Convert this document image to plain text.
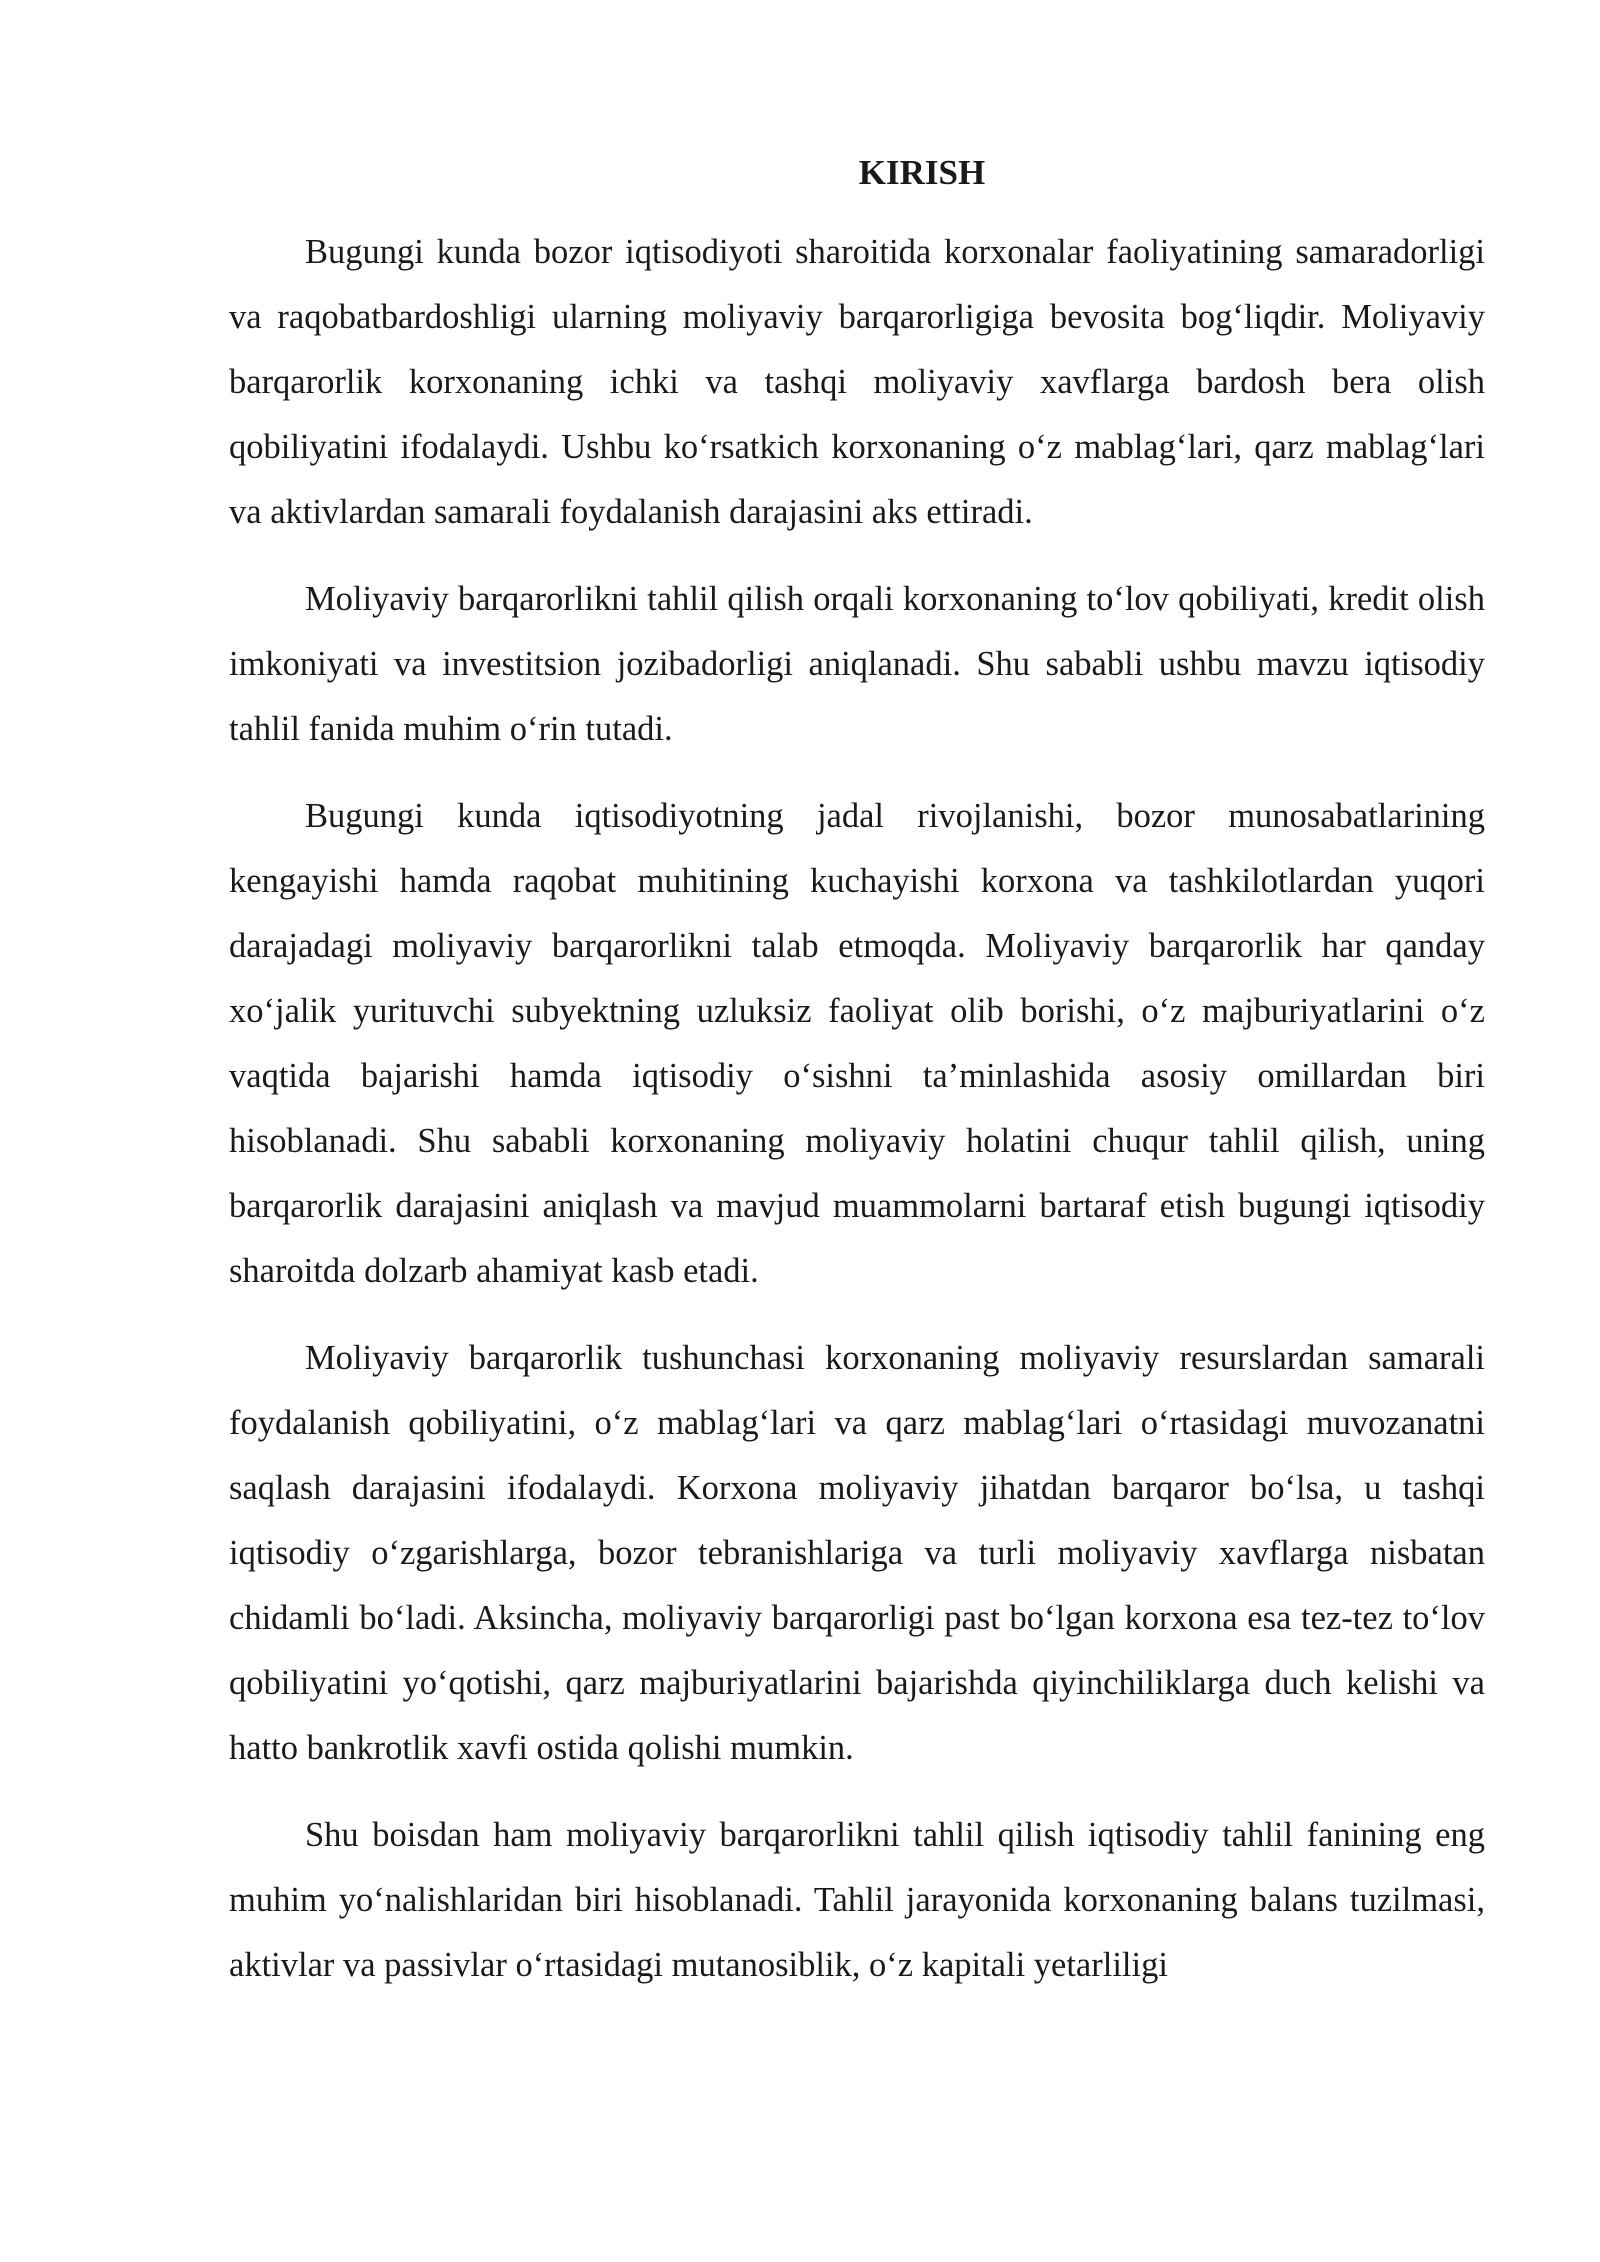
KIRISH

Bugungi kunda bozor iqtisodiyoti sharoitida korxonalar faoliyatining samaradorligi va raqobatbardoshligi ularning moliyaviy barqarorligiga bevosita bogʻliqdir. Moliyaviy barqarorlik korxonaning ichki va tashqi moliyaviy xavflarga bardosh bera olish qobiliyatini ifodalaydi. Ushbu koʻrsatkich korxonaning oʻz mablagʻlari, qarz mablagʻlari va aktivlardan samarali foydalanish darajasini aks ettiradi.

Moliyaviy barqarorlikni tahlil qilish orqali korxonaning toʻlov qobiliyati, kredit olish imkoniyati va investitsion jozibadorligi aniqlanadi. Shu sababli ushbu mavzu iqtisodiy tahlil fanida muhim oʻrin tutadi.

Bugungi kunda iqtisodiyotning jadal rivojlanishi, bozor munosabatlarining kengayishi hamda raqobat muhitining kuchayishi korxona va tashkilotlardan yuqori darajadagi moliyaviy barqarorlikni talab etmoqda. Moliyaviy barqarorlik har qanday xoʻjalik yurituvchi subyektning uzluksiz faoliyat olib borishi, oʻz majburiyatlarini oʻz vaqtida bajarishi hamda iqtisodiy oʻsishni ta’minlashida asosiy omillardan biri hisoblanadi. Shu sababli korxonaning moliyaviy holatini chuqur tahlil qilish, uning barqarorlik darajasini aniqlash va mavjud muammolarni bartaraf etish bugungi iqtisodiy sharoitda dolzarb ahamiyat kasb etadi.

Moliyaviy barqarorlik tushunchasi korxonaning moliyaviy resurslardan samarali foydalanish qobiliyatini, oʻz mablagʻlari va qarz mablagʻlari oʻrtasidagi muvozanatni saqlash darajasini ifodalaydi. Korxona moliyaviy jihatdan barqaror boʻlsa, u tashqi iqtisodiy oʻzgarishlarga, bozor tebranishlariga va turli moliyaviy xavflarga nisbatan chidamli boʻladi. Aksincha, moliyaviy barqarorligi past boʻlgan korxona esa tez-tez toʻlov qobiliyatini yoʻqotishi, qarz majburiyatlarini bajarishda qiyinchiliklarga duch kelishi va hatto bankrotlik xavfi ostida qolishi mumkin.

Shu boisdan ham moliyaviy barqarorlikni tahlil qilish iqtisodiy tahlil fanining eng muhim yoʻnalishlaridan biri hisoblanadi. Tahlil jarayonida korxonaning balans tuzilmasi, aktivlar va passivlar oʻrtasidagi mutanosiblik, oʻz kapitali yetarliligi
